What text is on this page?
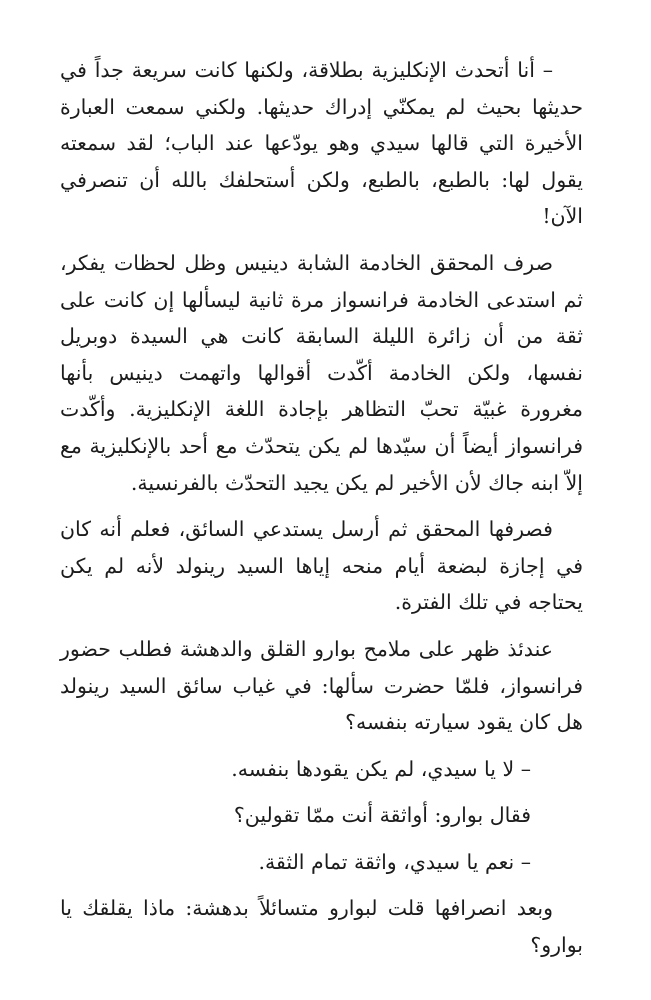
– أنا أتحدث الإنكليزية بطلاقة، ولكنها كانت سريعة جداً في حديثها بحيث لم يمكنّي إدراك حديثها. ولكني سمعت العبارة الأخيرة التي قالها سيدي وهو يودّعها عند الباب؛ لقد سمعته يقول لها: بالطبع، بالطبع، ولكن أستحلفك بالله أن تنصرفي الآن!

صرف المحقق الخادمة الشابة دينيس وظل لحظات يفكر، ثم استدعى الخادمة فرانسواز مرة ثانية ليسألها إن كانت على ثقة من أن زائرة الليلة السابقة كانت هي السيدة دوبريل نفسها، ولكن الخادمة أكّدت أقوالها واتهمت دينيس بأنها مغرورة غبيّة تحبّ التظاهر بإجادة اللغة الإنكليزية. وأكّدت فرانسواز أيضاً أن سيّدها لم يكن يتحدّث مع أحد بالإنكليزية مع إلاّ ابنه جاك لأن الأخير لم يكن يجيد التحدّث بالفرنسية.

فصرفها المحقق ثم أرسل يستدعي السائق، فعلم أنه كان في إجازة لبضعة أيام منحه إياها السيد رينولد لأنه لم يكن يحتاجه في تلك الفترة.

عندئذ ظهر على ملامح بوارو القلق والدهشة فطلب حضور فرانسواز، فلمّا حضرت سألها: في غياب سائق السيد رينولد هل كان يقود سيارته بنفسه؟

– لا يا سيدي، لم يكن يقودها بنفسه.

فقال بوارو: أواثقة أنت ممّا تقولين؟

– نعم يا سيدي، واثقة تمام الثقة.

وبعد انصرافها قلت لبوارو متسائلاً بدهشة: ماذا يقلقك يا بوارو؟
